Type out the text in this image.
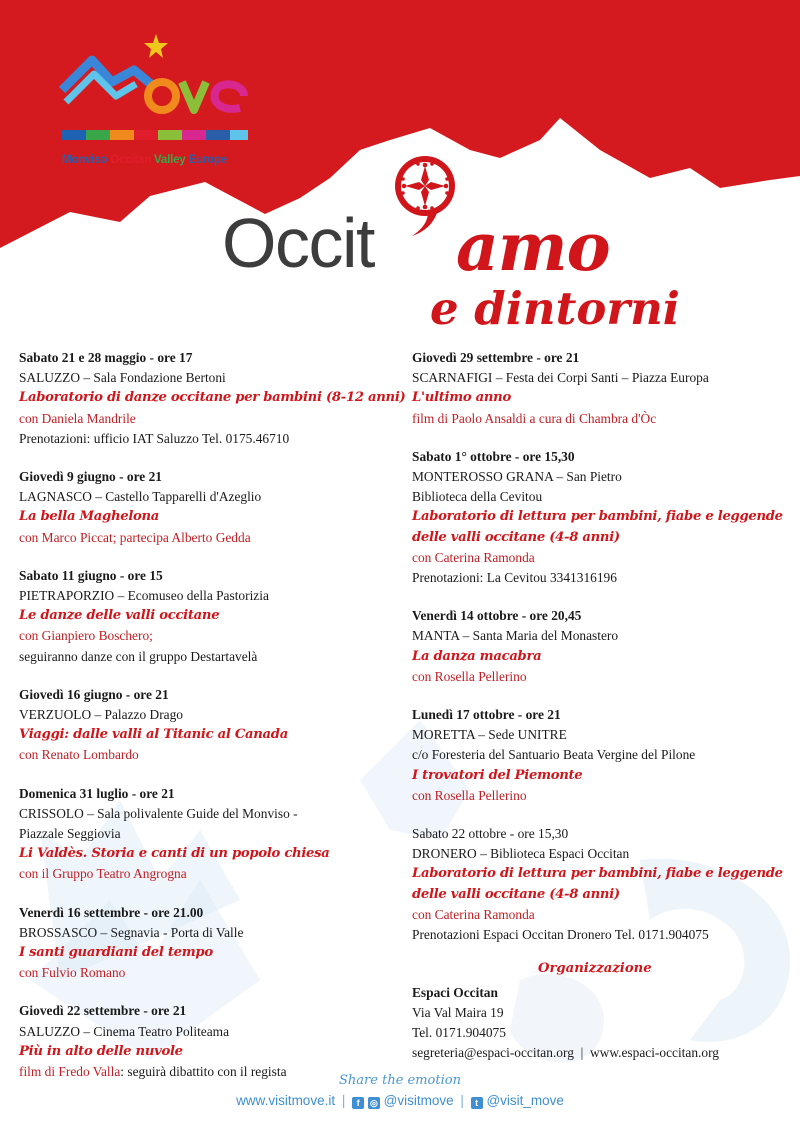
Monviso Occitan Valley Europe
Occit amo
e dintorni
Sabato 21 e 28 maggio - ore 17
SALUZZO – Sala Fondazione Bertoni
Laboratorio di danze occitane per bambini (8-12 anni)
con Daniela Mandrile
Prenotazioni: ufficio IAT Saluzzo Tel. 0175.46710
Giovedì 9 giugno - ore 21
LAGNASCO – Castello Tapparelli d'Azeglio
La bella Maghelona
con Marco Piccat; partecipa Alberto Gedda
Sabato 11 giugno - ore 15
PIETRAPORZIO – Ecomuseo della Pastorizia
Le danze delle valli occitane
con Gianpiero Boschero;
seguiranno danze con il gruppo Destartavelà
Giovedì 16 giugno - ore 21
VERZUOLO – Palazzo Drago
Viaggi: dalle valli al Titanic al Canada
con Renato Lombardo
Domenica 31 luglio - ore 21
CRISSOLO – Sala polivalente Guide del Monviso -
Piazzale Seggiovia
Li Valdès. Storia e canti di un popolo chiesa
con il Gruppo Teatro Angrogna
Venerdì 16 settembre - ore 21.00
BROSSASCO – Segnavia - Porta di Valle
I santi guardiani del tempo
con Fulvio Romano
Giovedì 22 settembre - ore 21
SALUZZO – Cinema Teatro Politeama
Più in alto delle nuvole
film di Fredo Valla: seguirà dibattito con il regista
Giovedì 29 settembre - ore 21
SCARNAFIGI – Festa dei Corpi Santi – Piazza Europa
L'ultimo anno
film di Paolo Ansaldi a cura di Chambra d'Òc
Sabato 1° ottobre - ore 15,30
MONTEROSSO GRANA – San Pietro
Biblioteca della Cevitou
Laboratorio di lettura per bambini, fiabe e leggende
delle valli occitane (4-8 anni)
con Caterina Ramonda
Prenotazioni: La Cevitou 3341316196
Venerdì 14 ottobre - ore 20,45
MANTA – Santa Maria del Monastero
La danza macabra
con Rosella Pellerino
Lunedì 17 ottobre - ore 21
MORETTA – Sede UNITRE
c/o Foresteria del Santuario Beata Vergine del Pilone
I trovatori del Piemonte
con Rosella Pellerino
Sabato 22 ottobre - ore 15,30
DRONERO – Biblioteca Espaci Occitan
Laboratorio di lettura per bambini, fiabe e leggende
delle valli occitane (4-8 anni)
con Caterina Ramonda
Prenotazioni Espaci Occitan Dronero Tel. 0171.904075
Organizzazione
Espaci Occitan
Via Val Maira 19
Tel. 0171.904075
segreteria@espaci-occitan.org  |  www.espaci-occitan.org
Share the emotion
www.visitmove.it | f ◎ @visitmove | t @visit_move
